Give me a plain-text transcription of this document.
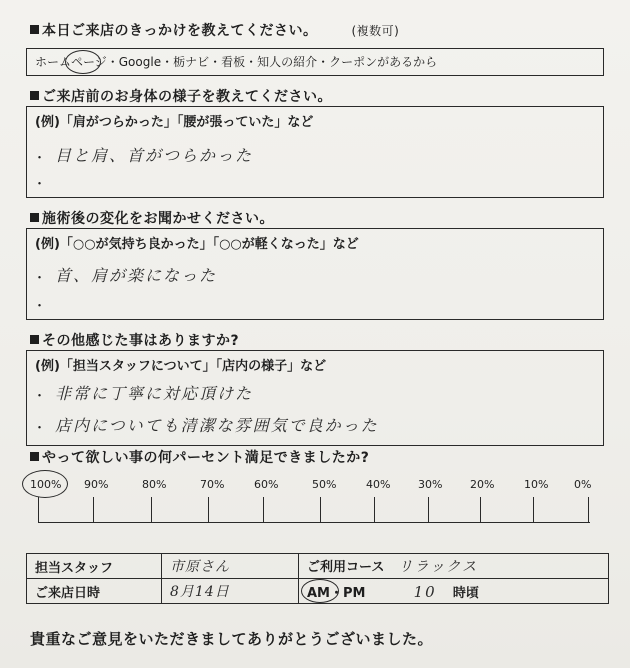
本日ご来店のきっかけを教えてください。	(複数可)
ホームページ・Google・栃ナビ・看板・知人の紹介・クーポンがあるから
ご来店前のお身体の様子を教えてください。
(例)「肩がつらかった」「腰が張っていた」など
・ 目と肩、首がつらかった
・
施術後の変化をお聞かせください。
(例)「○○が気持ち良かった」「○○が軽くなった」など
・ 首、肩が楽になった
・
その他感じた事はありますか?
(例)「担当スタッフについて」「店内の様子」など
・ 非常に丁寧に対応頂けた
・ 店内についても清潔な雰囲気で良かった
やって欲しい事の何パーセント満足できましたか?
100% 90%	80%	70%	60%	50%	40%	30%	20%	10% 0%
担当スタッフ	市原さん	ご利用コース リラックス
ご来店日時	8月14日	AM・PM 10 時頃
貴重なご意見をいただきましてありがとうございました。
